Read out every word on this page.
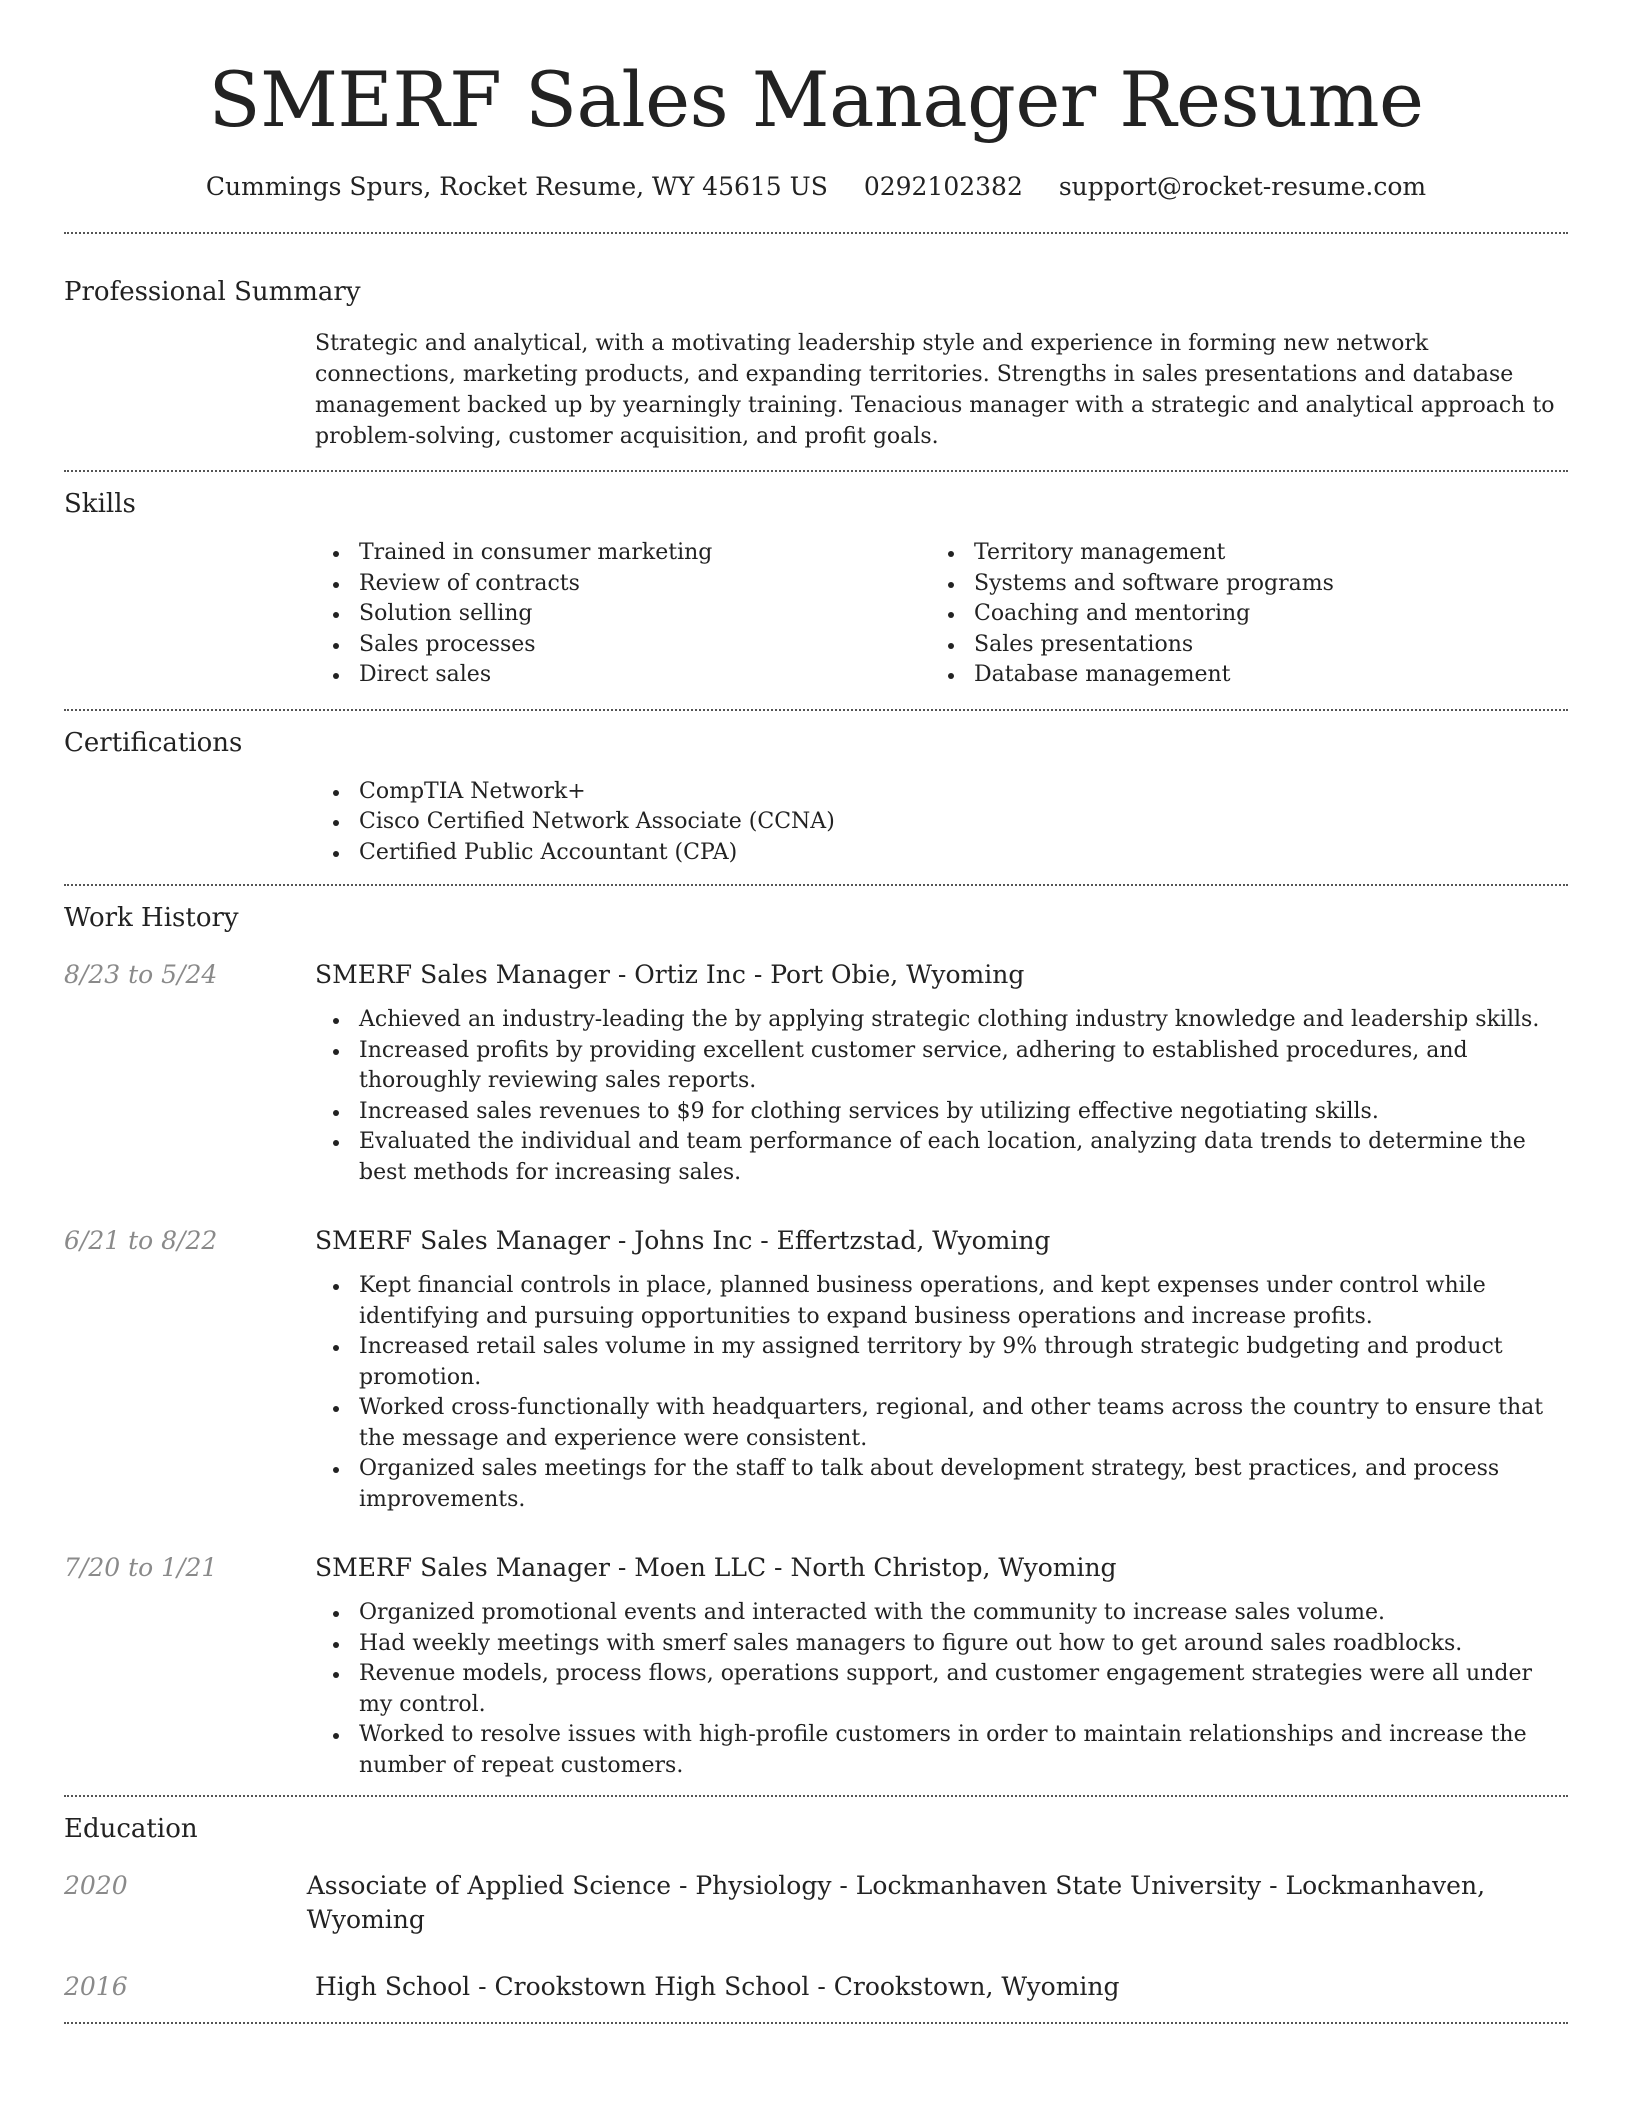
SMERF Sales Manager Resume
Cummings Spurs, Rocket Resume, WY 45615 US 0292102382 support@rocket-resume.com
Professional Summary

Strategic and analytical, with a motivating leadership style and experience in forming new network connections, marketing products, and expanding territories. Strengths in sales presentations and database management backed up by yearningly training. Tenacious manager with a strategic and analytical approach to problem-solving, customer acquisition, and profit goals.

Skills
Trained in consumer marketing
Review of contracts
Solution selling
Sales processes
Direct sales
Territory management
Systems and software programs
Coaching and mentoring
Sales presentations
Database management
Certifications
CompTIA Network+
Cisco Certified Network Associate (CCNA)
Certified Public Accountant (CPA)
Work History
8/23 to 5/24	SMERF Sales Manager - Ortiz Inc - Port Obie, Wyoming
Achieved an industry-leading the by applying strategic clothing industry knowledge and leadership skills.
Increased profits by providing excellent customer service, adhering to established procedures, and thoroughly reviewing sales reports.
Increased sales revenues to $9 for clothing services by utilizing effective negotiating skills.
Evaluated the individual and team performance of each location, analyzing data trends to determine the best methods for increasing sales.
6/21 to 8/22	SMERF Sales Manager - Johns Inc - Effertzstad, Wyoming
Kept financial controls in place, planned business operations, and kept expenses under control while identifying and pursuing opportunities to expand business operations and increase profits.
Increased retail sales volume in my assigned territory by 9% through strategic budgeting and product promotion.
Worked cross-functionally with headquarters, regional, and other teams across the country to ensure that the message and experience were consistent.
Organized sales meetings for the staff to talk about development strategy, best practices, and process improvements.
7/20 to 1/21	SMERF Sales Manager - Moen LLC - North Christop, Wyoming
Organized promotional events and interacted with the community to increase sales volume.
Had weekly meetings with smerf sales managers to figure out how to get around sales roadblocks.
Revenue models, process flows, operations support, and customer engagement strategies were all under my control.
Worked to resolve issues with high-profile customers in order to maintain relationships and increase the number of repeat customers.
Education
2020	Associate of Applied Science - Physiology - Lockmanhaven State University - Lockmanhaven, Wyoming
2016	High School - Crookstown High School - Crookstown, Wyoming
